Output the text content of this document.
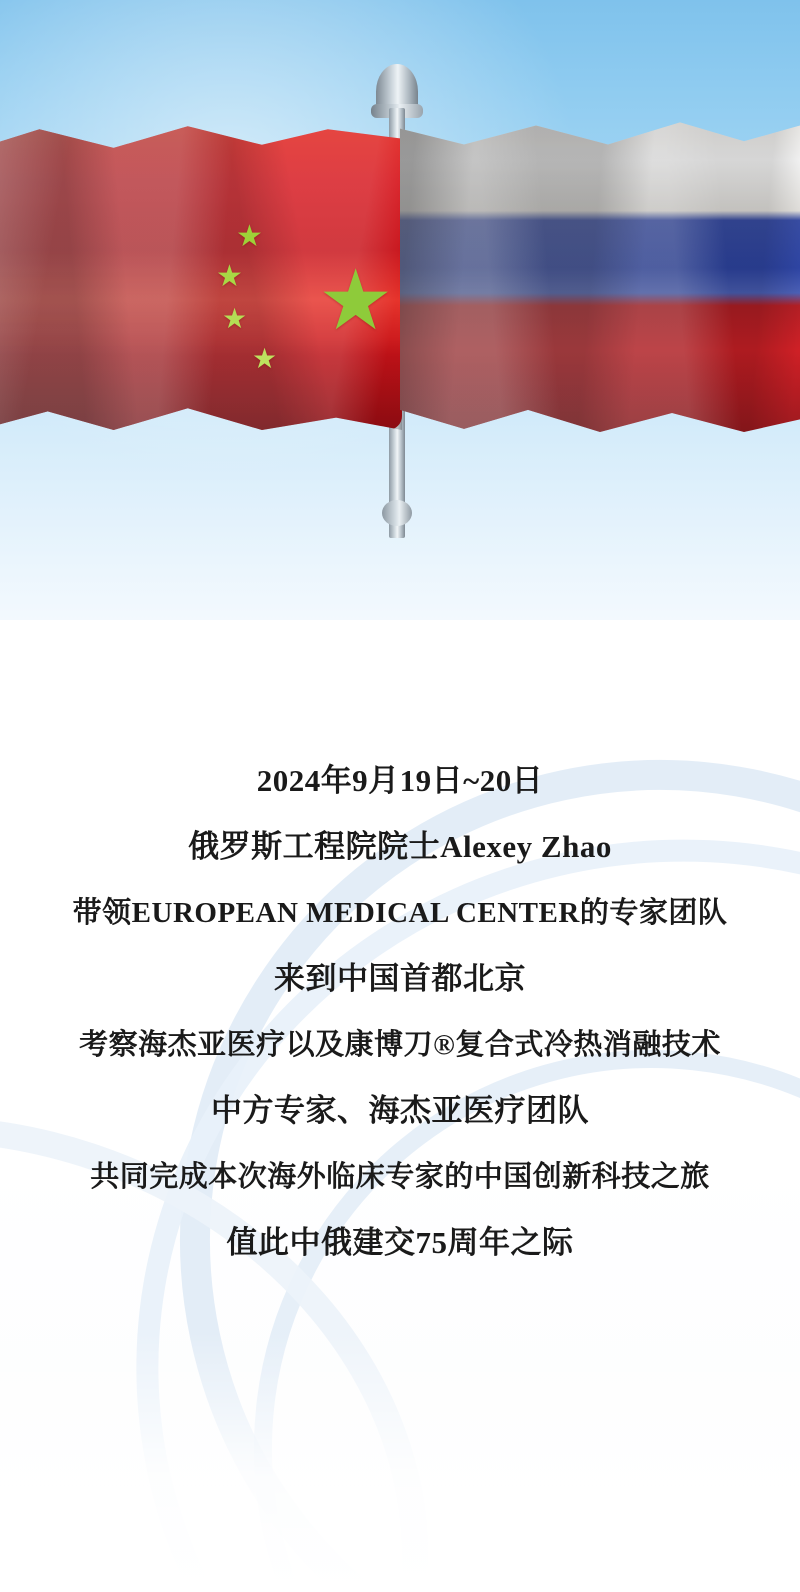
2024年9月19日~20日
俄罗斯工程院院士Alexey Zhao
带领EUROPEAN MEDICAL CENTER的专家团队
来到中国首都北京
考察海杰亚医疗以及康博刀®复合式冷热消融技术
中方专家、海杰亚医疗团队
共同完成本次海外临床专家的中国创新科技之旅
值此中俄建交75周年之际
